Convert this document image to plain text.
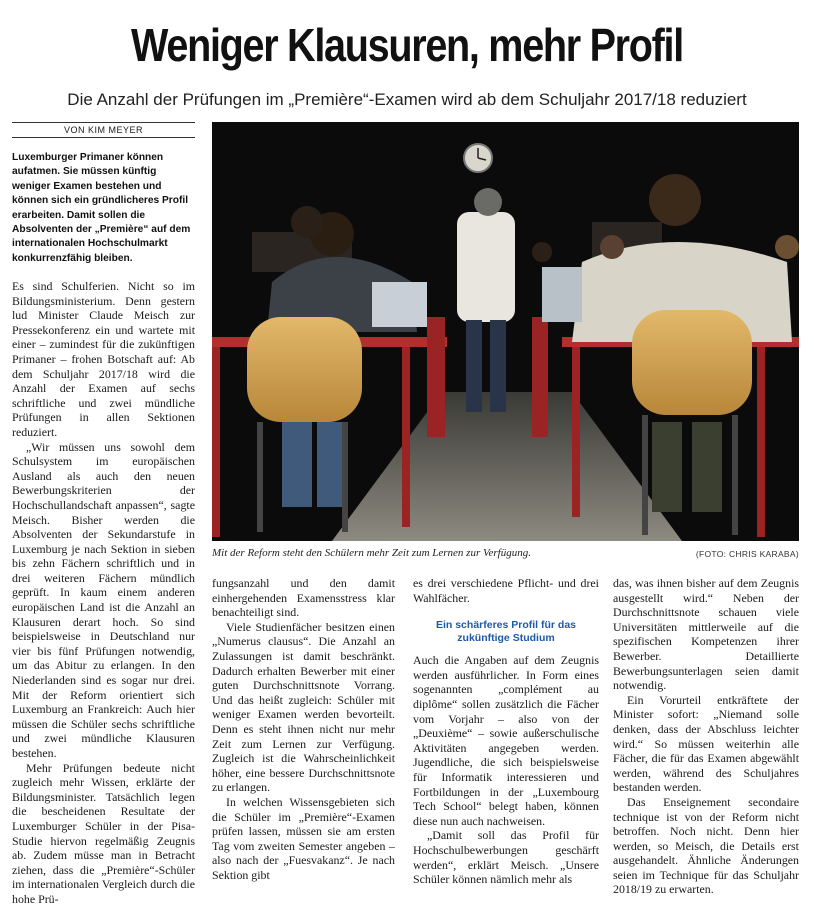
Weniger Klausuren, mehr Profil
Die Anzahl der Prüfungen im „Première“-Examen wird ab dem Schuljahr 2017/18 reduziert
VON KIM MEYER
Luxemburger Primaner können aufatmen. Sie müssen künftig weniger Examen bestehen und können sich ein gründlicheres Profil erarbeiten. Damit sollen die Absolventen der „Première“ auf dem internationalen Hochschulmarkt konkurrenzfähig bleiben.
Mit der Reform steht den Schülern mehr Zeit zum Lernen zur Verfügung.	(FOTO: CHRIS KARABA)

Es sind Schulferien. Nicht so im Bildungsministerium. Denn gestern lud Minister Claude Meisch zur Pressekonferenz ein und wartete mit einer – zumindest für die zukünftigen Primaner – frohen Botschaft auf: Ab dem Schuljahr 2017/18 wird die Anzahl der Examen auf sechs schriftliche und zwei mündliche Prüfungen in allen Sektionen reduziert.

„Wir müssen uns sowohl dem Schulsystem im europäischen Ausland als auch den neuen Bewerbungskriterien der Hochschullandschaft anpassen“, sagte Meisch. Bisher werden die Absolventen der Sekundarstufe in Luxemburg je nach Sektion in sieben bis zehn Fächern schriftlich und in drei weiteren Fächern mündlich geprüft. In kaum einem anderen europäischen Land ist die Anzahl an Klausuren derart hoch. So sind beispielsweise in Deutschland nur vier bis fünf Prüfungen notwendig, um das Abitur zu erlangen. In den Niederlanden sind es sogar nur drei. Mit der Reform orientiert sich Luxemburg an Frankreich: Auch hier müssen die Schüler sechs schriftliche und zwei mündliche Klausuren bestehen.

Mehr Prüfungen bedeute nicht zugleich mehr Wissen, erklärte der Bildungsminister. Tatsächlich legen die bescheidenen Resultate der Luxemburger Schüler in der Pisa-Studie hiervon regelmäßig Zeugnis ab. Zudem müsse man in Betracht ziehen, dass die „Première“-Schüler im internationalen Vergleich durch die hohe Prü-

fungsanzahl und den damit einhergehenden Examensstress klar benachteiligt sind.

Viele Studienfächer besitzen einen „Numerus clausus“. Die Anzahl an Zulassungen ist damit beschränkt. Dadurch erhalten Bewerber mit einer guten Durchschnittsnote Vorrang. Und das heißt zugleich: Schüler mit weniger Examen werden bevorteilt. Denn es steht ihnen nicht nur mehr Zeit zum Lernen zur Verfügung. Zugleich ist die Wahrscheinlichkeit höher, eine bessere Durchschnittsnote zu erlangen.

In welchen Wissensgebieten sich die Schüler im „Première“-Examen prüfen lassen, müssen sie am ersten Tag vom zweiten Semester angeben – also nach der „Fuesvakanz“. Je nach Sektion gibt

es drei verschiedene Pflicht- und drei Wahlfächer.

Ein schärferes Profil für das zukünftige Studium

Auch die Angaben auf dem Zeugnis werden ausführlicher. In Form eines sogenannten „complément au diplôme“ sollen zusätzlich die Fächer vom Vorjahr – also von der „Deuxième“ – sowie außerschulische Aktivitäten angegeben werden. Jugendliche, die sich beispielsweise für Informatik interessieren und Fortbildungen in der „Luxembourg Tech School“ belegt haben, können diese nun auch nachweisen.

„Damit soll das Profil für Hochschulbewerbungen geschärft werden“, erklärt Meisch. „Unsere Schüler können nämlich mehr als

das, was ihnen bisher auf dem Zeugnis ausgestellt wird.“ Neben der Durchschnittsnote schauen viele Universitäten mittlerweile auf die spezifischen Kompetenzen ihrer Bewerber. Detaillierte Bewerbungsunterlagen seien damit notwendig.

Ein Vorurteil entkräftete der Minister sofort: „Niemand solle denken, dass der Abschluss leichter wird.“ So müssen weiterhin alle Fächer, die für das Examen abgewählt werden, während des Schuljahres bestanden werden.

Das Enseignement secondaire technique ist von der Reform nicht betroffen. Noch nicht. Denn hier werden, so Meisch, die Details erst ausgehandelt. Ähnliche Änderungen seien im Technique für das Schuljahr 2018/19 zu erwarten.
